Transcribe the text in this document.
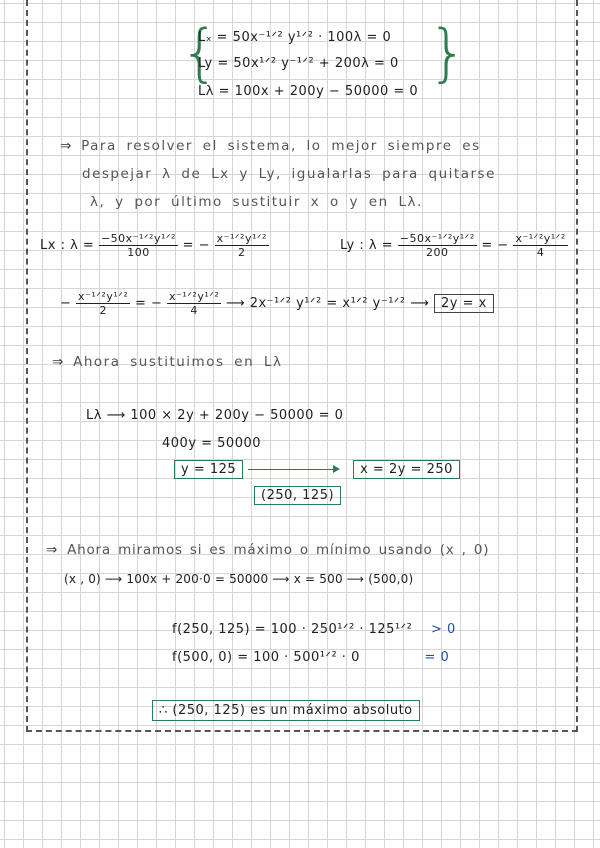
{	}
Lₓ = 50x⁻¹ᐟ² y¹ᐟ² · 100λ = 0
Ly = 50x¹ᐟ² y⁻¹ᐟ² + 200λ = 0
Lλ = 100x + 200y − 50000 = 0
⇒ Para resolver el sistema, lo mejor siempre es
despejar λ de Lx y Ly, igualarlas para quitarse
λ, y por último sustituir x o y en Lλ.
Lx : $\lambda = \frac{\text{−50x⁻¹ᐟ²y¹ᐟ²}}{100}$ = − $\frac{\text{x⁻¹ᐟ²y¹ᐟ²}}{2}$	Ly : $\lambda = \frac{\text{−50x⁻¹ᐟ²y¹ᐟ²}}{200}$ = − $\frac{\text{x⁻¹ᐟ²y¹ᐟ²}}{4}$
− $\frac{\text{x⁻¹ᐟ²y¹ᐟ²}}{2}$ = − $\frac{\text{x⁻¹ᐟ²y¹ᐟ²}}{4}$ ⟶ 2x⁻¹ᐟ² y¹ᐟ² = x¹ᐟ² y⁻¹ᐟ² ⟶ 2y = x
⇒ Ahora sustituimos en Lλ
Lλ ⟶ 100 × 2y + 200y − 50000 = 0
400y = 50000
y = 125	x = 2y = 250
(250, 125)
⇒ Ahora miramos si es máximo o mínimo usando (x , 0)
(x , 0) ⟶ 100x + 200·0 = 50000 ⟶ x = 500 ⟶ (500,0)
f(250, 125) = 100 · 250¹ᐟ² · 125¹ᐟ² > 0
f(500, 0) = 100 · 500¹ᐟ² · 0	= 0
∴ (250, 125) es un máximo absoluto
